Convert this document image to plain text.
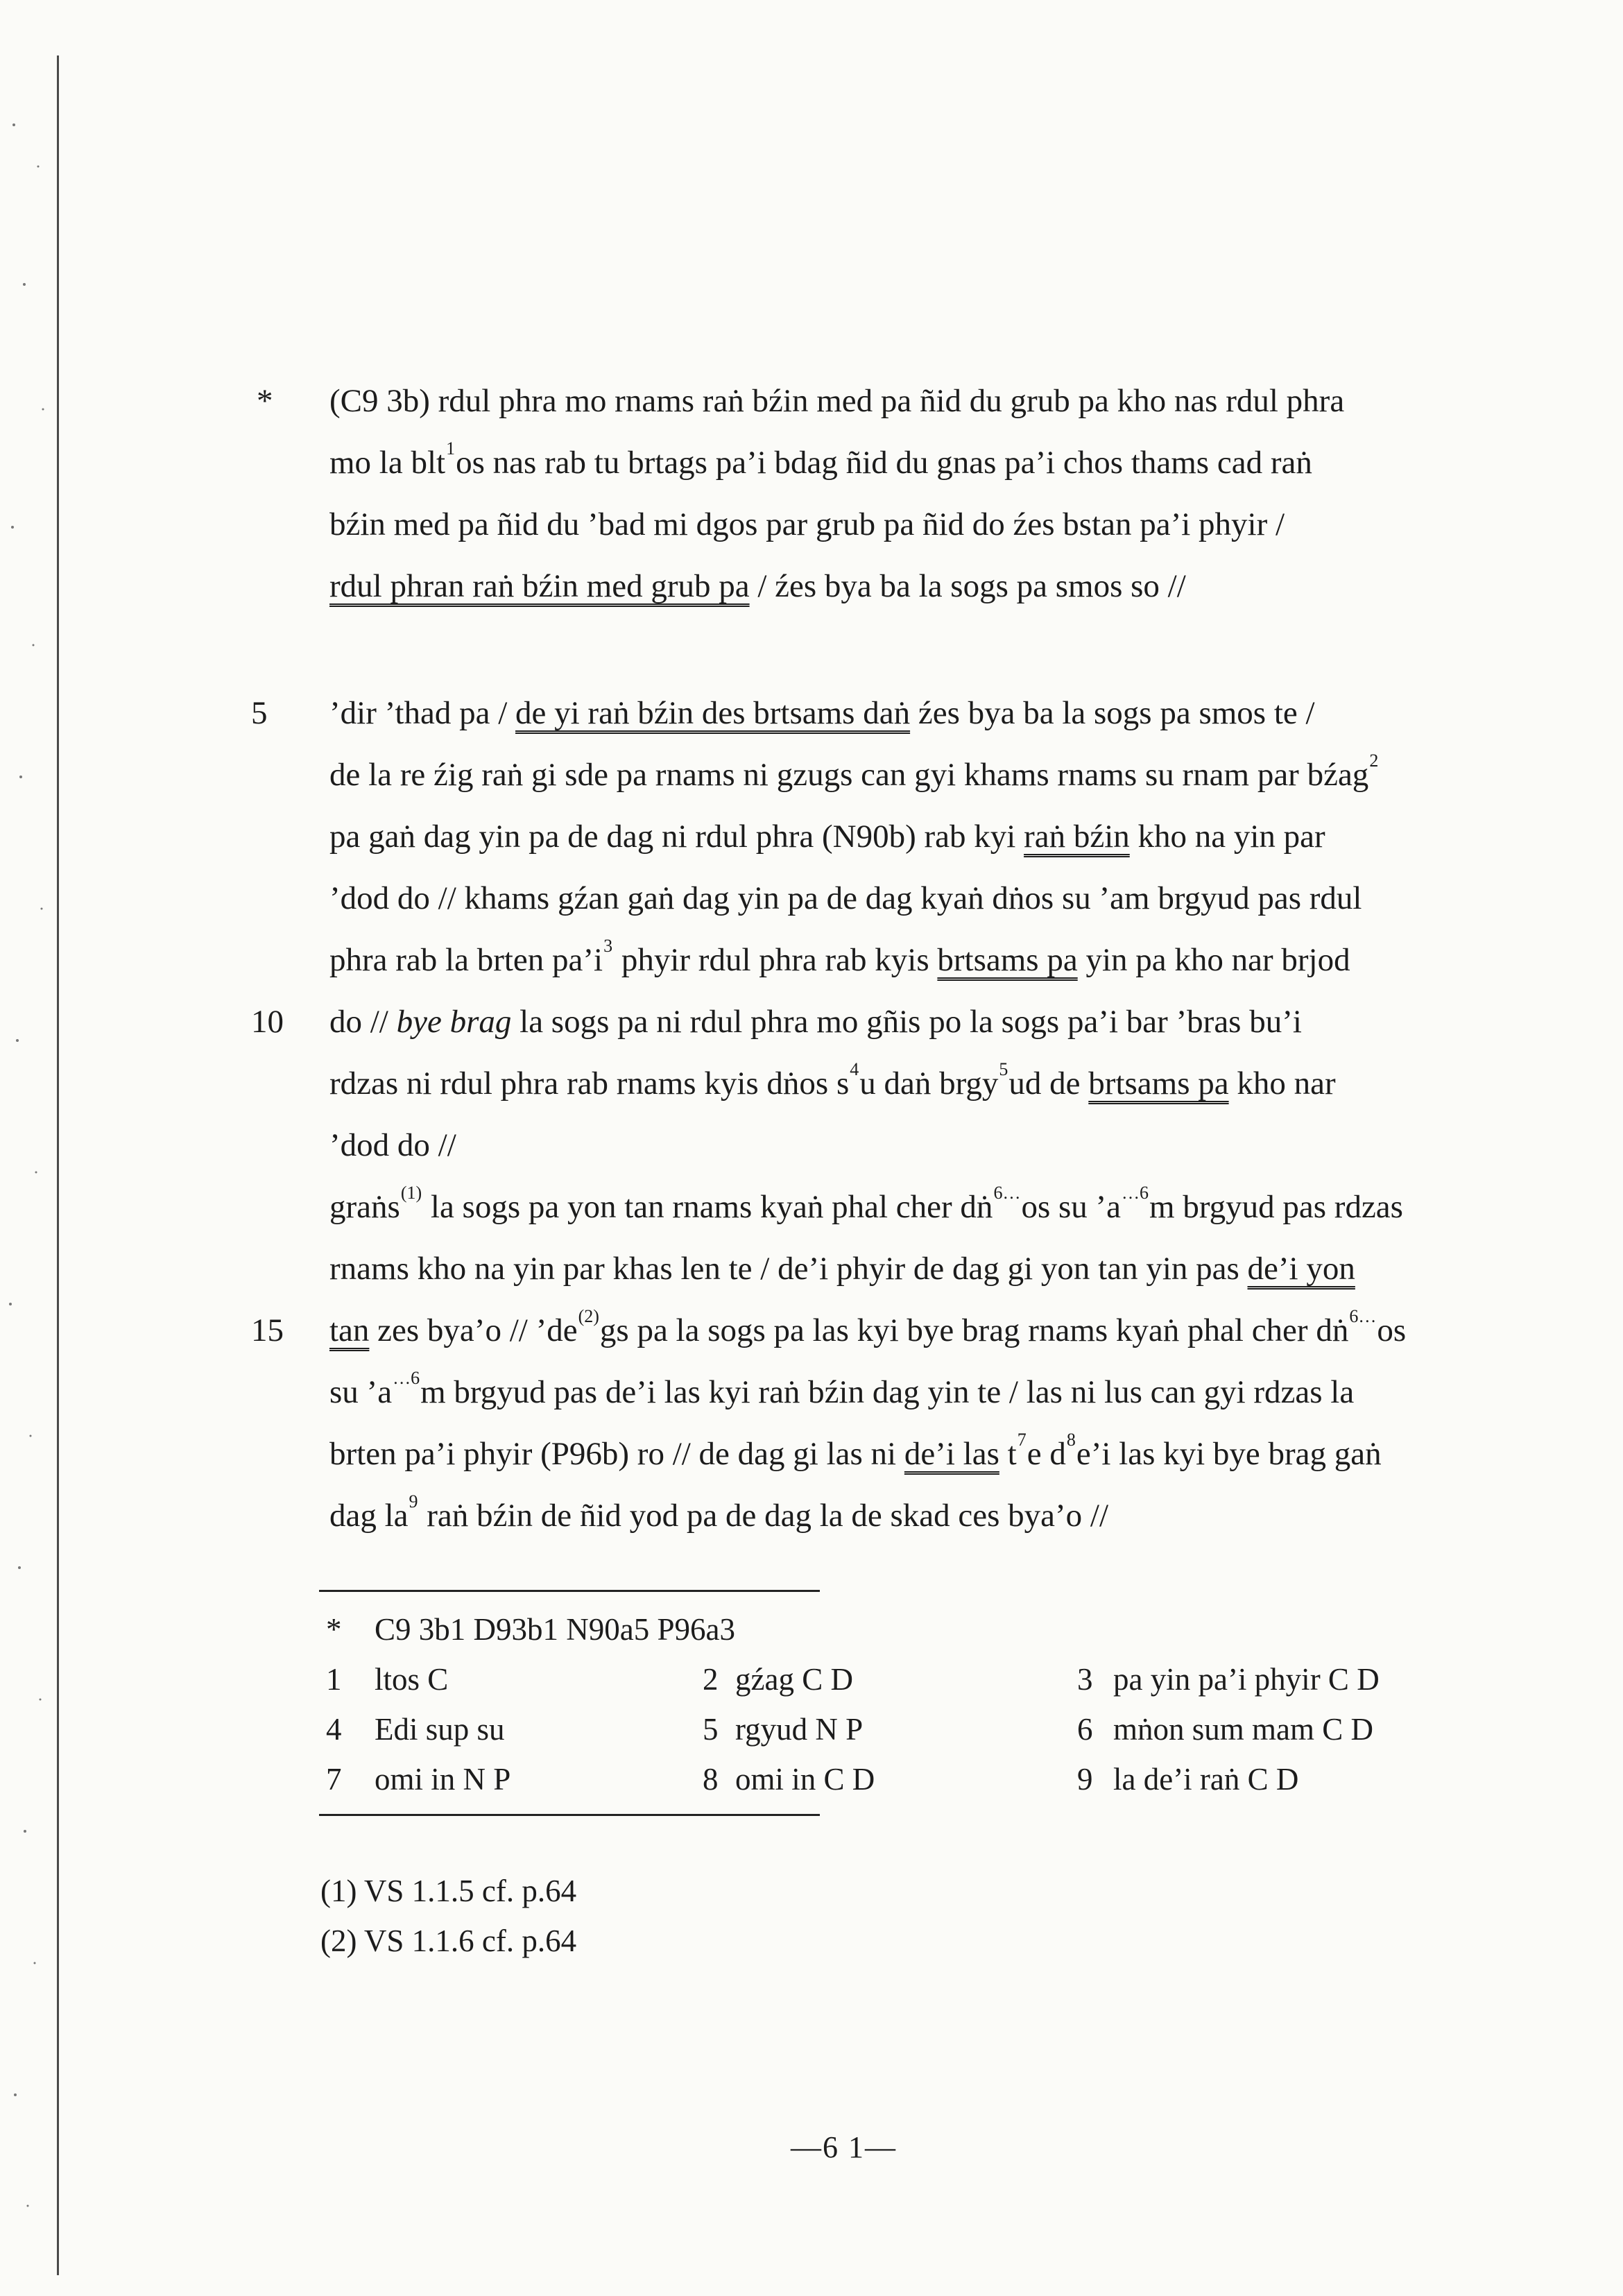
* (C9 3b) rdul phra mo rnams raṅ bźin med pa ñid du grub pa kho nas rdul phra
mo la blt$^1$os nas rab tu brtags pa’i bdag ñid du gnas pa’i chos thams cad raṅ
bźin med pa ñid du ’bad mi dgos par grub pa ñid do źes bstan pa’i phyir /
rdul phran raṅ bźin med grub pa / źes bya ba la sogs pa smos so //
5 ’dir ’thad pa / de yi raṅ bźin des brtsams daṅ źes bya ba la sogs pa smos te /
de la re źig raṅ gi sde pa rnams ni gzugs can gyi khams rnams su rnam par bźag$^2$
pa gaṅ dag yin pa de dag ni rdul phra (N90b) rab kyi raṅ bźin kho na yin par
’dod do // khams gźan gaṅ dag yin pa de dag kyaṅ dṅos su ’am brgyud pas rdul
phra rab la brten pa’i$^3$ phyir rdul phra rab kyis brtsams pa yin pa kho nar brjod
10 do // bye brag la sogs pa ni rdul phra mo gñis po la sogs pa’i bar ’bras bu’i
rdzas ni rdul phra rab rnams kyis dṅos s$^4$u daṅ brgy$^5$ud de brtsams pa kho nar
’dod do //
graṅs$^{(1)}$ la sogs pa yon tan rnams kyaṅ phal cher dṅ$^{6\dots}$os su ’a$^{\dots 6}$m brgyud pas rdzas
rnams kho na yin par khas len te / de’i phyir de dag gi yon tan yin pas de’i yon
15 tan zes bya’o // ’de$^{(2)}$gs pa la sogs pa las kyi bye brag rnams kyaṅ phal cher dṅ$^{6\dots}$os
su ’a$^{\dots 6}$m brgyud pas de’i las kyi raṅ bźin dag yin te / las ni lus can gyi rdzas la
brten pa’i phyir (P96b) ro // de dag gi las ni de’i las t$^7$e d$^8$e’i las kyi bye brag gaṅ
dag la$^9$ raṅ bźin de ñid yod pa de dag la de skad ces bya’o //
* C9 3b1 D93b1 N90a5 P96a3
1 ltos C	2 gźag C D	3 pa yin pa’i phyir C D
4 Edi sup su	5 rgyud N P	6 mṅon sum mam C D
7 omi in N P	8 omi in C D	9 la de’i raṅ C D
(1) VS 1.1.5 cf. p.64
(2) VS 1.1.6 cf. p.64
—6 1—
